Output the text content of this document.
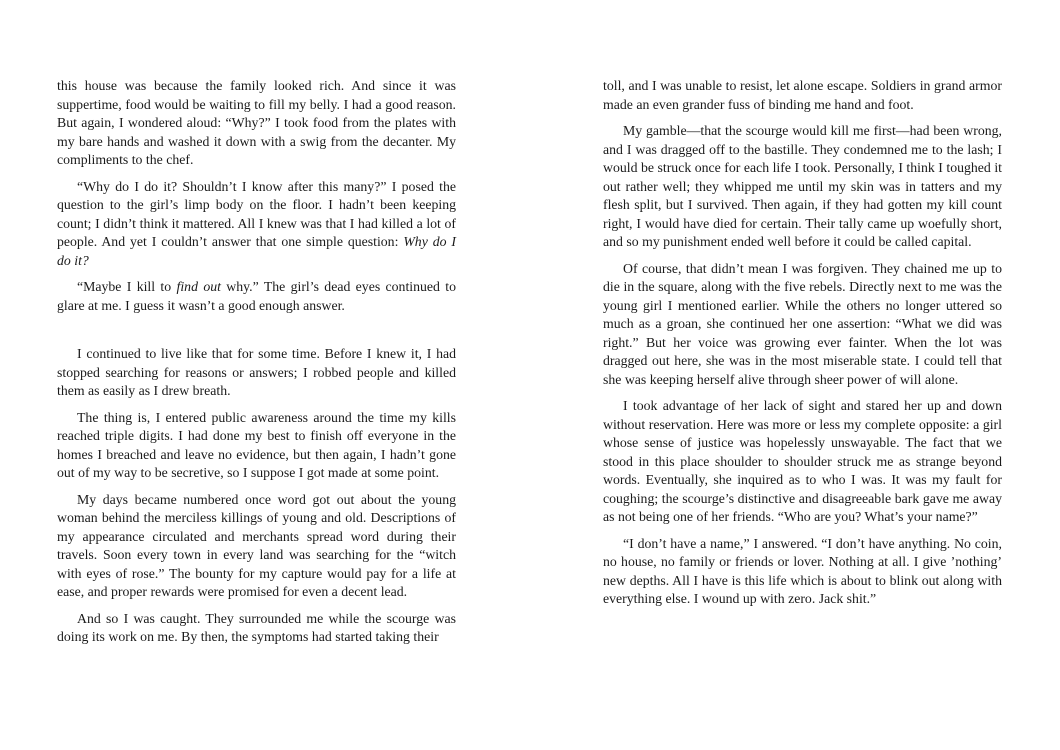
this house was because the family looked rich. And since it was suppertime, food would be waiting to fill my belly. I had a good reason. But again, I wondered aloud: “Why?” I took food from the plates with my bare hands and washed it down with a swig from the decanter. My compliments to the chef.

“Why do I do it? Shouldn’t I know after this many?” I posed the question to the girl’s limp body on the floor. I hadn’t been keeping count; I didn’t think it mattered. All I knew was that I had killed a lot of people. And yet I couldn’t answer that one simple question: Why do I do it?

“Maybe I kill to find out why.” The girl’s dead eyes continued to glare at me. I guess it wasn’t a good enough answer.

I continued to live like that for some time. Before I knew it, I had stopped searching for reasons or answers; I robbed people and killed them as easily as I drew breath.

The thing is, I entered public awareness around the time my kills reached triple digits. I had done my best to finish off everyone in the homes I breached and leave no evidence, but then again, I hadn’t gone out of my way to be secretive, so I suppose I got made at some point.

My days became numbered once word got out about the young woman behind the merciless killings of young and old. Descriptions of my appearance circulated and merchants spread word during their travels. Soon every town in every land was searching for the “witch with eyes of rose.” The bounty for my capture would pay for a life at ease, and proper rewards were promised for even a decent lead.

And so I was caught. They surrounded me while the scourge was doing its work on me. By then, the symptoms had started taking their

toll, and I was unable to resist, let alone escape. Soldiers in grand armor made an even grander fuss of binding me hand and foot.

My gamble—that the scourge would kill me first—had been wrong, and I was dragged off to the bastille. They condemned me to the lash; I would be struck once for each life I took. Personally, I think I toughed it out rather well; they whipped me until my skin was in tatters and my flesh split, but I survived. Then again, if they had gotten my kill count right, I would have died for certain. Their tally came up woefully short, and so my punishment ended well before it could be called capital.

Of course, that didn’t mean I was forgiven. They chained me up to die in the square, along with the five rebels. Directly next to me was the young girl I mentioned earlier. While the others no longer uttered so much as a groan, she continued her one assertion: “What we did was right.” But her voice was growing ever fainter. When the lot was dragged out here, she was in the most miserable state. I could tell that she was keeping herself alive through sheer power of will alone.

I took advantage of her lack of sight and stared her up and down without reservation. Here was more or less my complete opposite: a girl whose sense of justice was hopelessly unswayable. The fact that we stood in this place shoulder to shoulder struck me as strange beyond words. Eventually, she inquired as to who I was. It was my fault for coughing; the scourge’s distinctive and disagreeable bark gave me away as not being one of her friends. “Who are you? What’s your name?”

“I don’t have a name,” I answered. “I don’t have anything. No coin, no house, no family or friends or lover. Nothing at all. I give ’nothing’ new depths. All I have is this life which is about to blink out along with everything else. I wound up with zero. Jack shit.”
